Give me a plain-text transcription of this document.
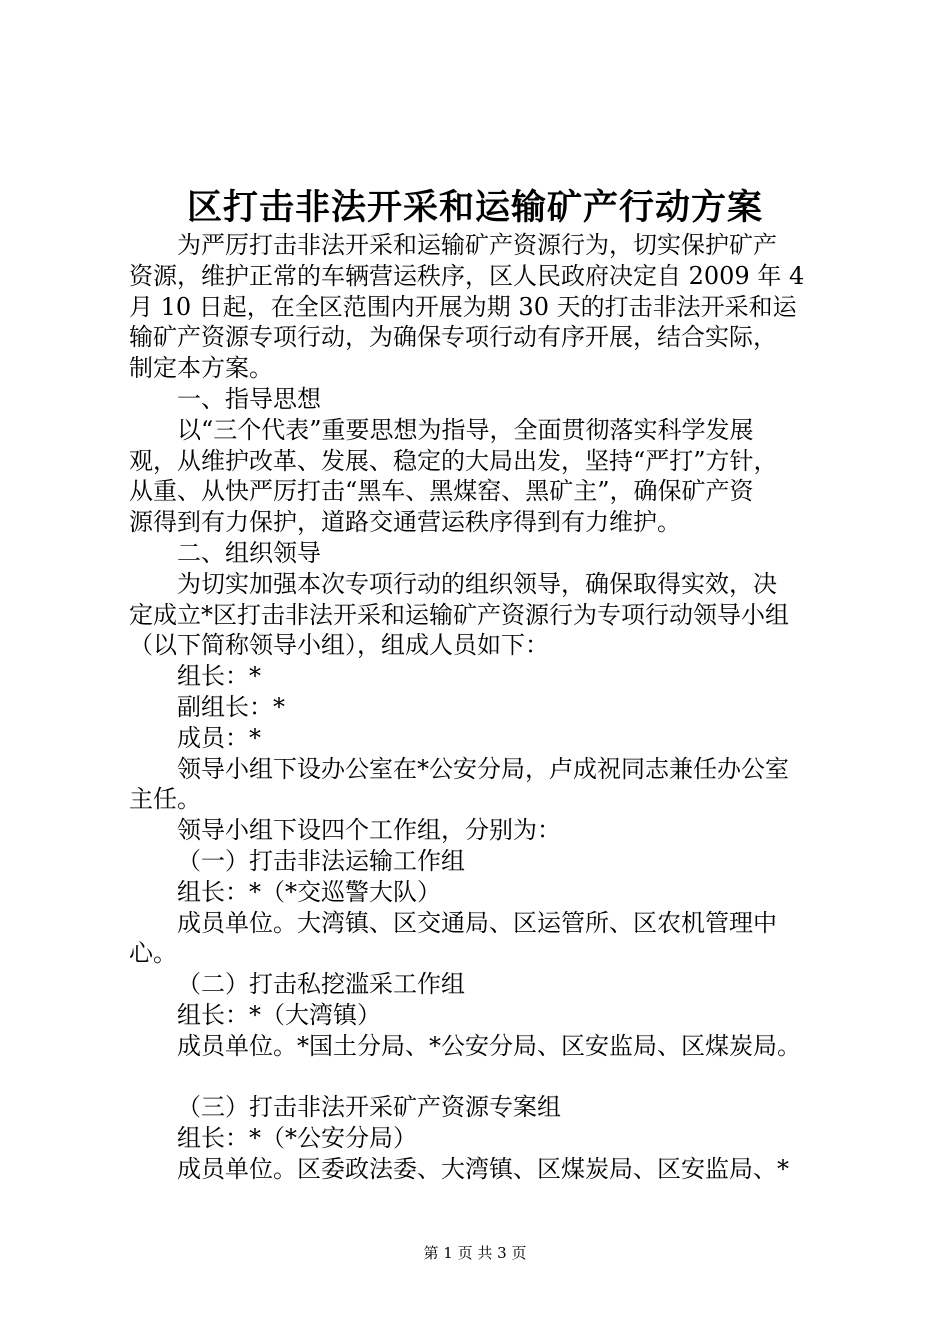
区打击非法开采和运输矿产行动方案

为严厉打击非法开采和运输矿产资源行为，切实保护矿产

资源，维护正常的车辆营运秩序，区人民政府决定自 2009 年 4

月 10 日起，在全区范围内开展为期 30 天的打击非法开采和运

输矿产资源专项行动，为确保专项行动有序开展，结合实际，

制定本方案。

一、指导思想

以“三个代表”重要思想为指导，全面贯彻落实科学发展

观，从维护改革、发展、稳定的大局出发，坚持“严打”方针，

从重、从快严厉打击“黑车、黑煤窑、黑矿主”，确保矿产资

源得到有力保护，道路交通营运秩序得到有力维护。

二、组织领导

为切实加强本次专项行动的组织领导，确保取得实效，决

定成立*区打击非法开采和运输矿产资源行为专项行动领导小组

（以下简称领导小组），组成人员如下：

组长：*

副组长：*

成员：*

领导小组下设办公室在*公安分局，卢成祝同志兼任办公室

主任。

领导小组下设四个工作组，分别为：

（一）打击非法运输工作组

组长：*（*交巡警大队）

成员单位。大湾镇、区交通局、区运管所、区农机管理中

心。

（二）打击私挖滥采工作组

组长：*（大湾镇）

成员单位。*国土分局、*公安分局、区安监局、区煤炭局。

（三）打击非法开采矿产资源专案组

组长：*（*公安分局）

成员单位。区委政法委、大湾镇、区煤炭局、区安监局、*

第 1 页 共 3 页
